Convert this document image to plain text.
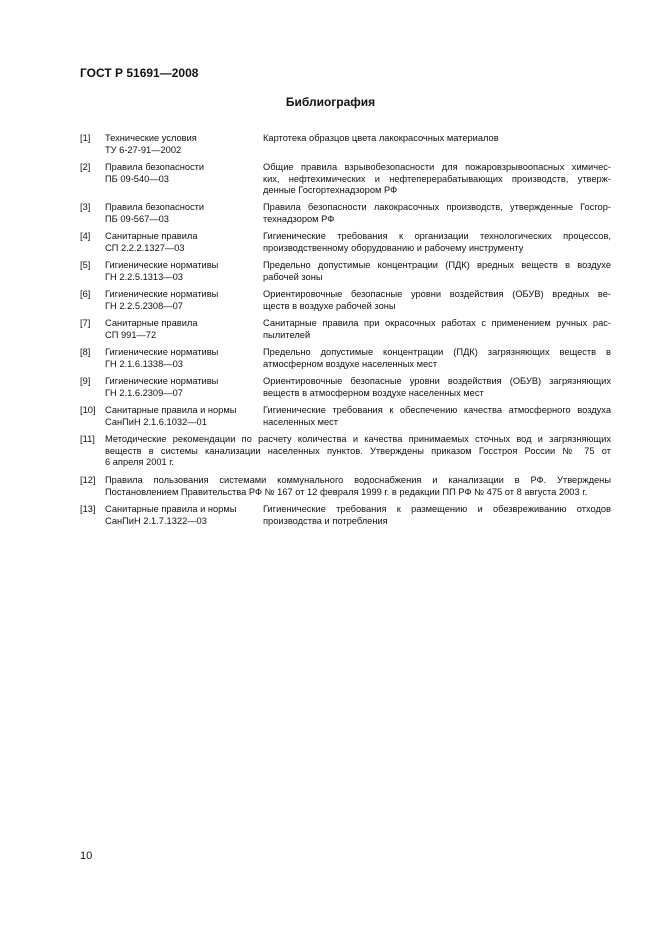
ГОСТ Р 51691—2008
Библиография
[1] Технические условия
ТУ 6-27-91—2002
Картотека образцов цвета лакокрасочных материалов
[2] Правила безопасности
ПБ 09-540—03
Общие правила взрывобезопасности для пожаровзрывоопасных химичес-
ких, нефтехимических и нефтеперерабатывающих производств, утверж-
денные Госгортехнадзором РФ
[3] Правила безопасности
ПБ 09-567—03
Правила безопасности лакокрасочных производств, утвержденные Госгор-
технадзором РФ
[4] Санитарные правила
СП 2.2.2.1327—03
Гигиенические требования к организации технологических процессов,
производственному оборудованию и рабочему инструменту
[5] Гигиенические нормативы
ГН 2.2.5.1313—03
Предельно допустимые концентрации (ПДК) вредных веществ в воздухе
рабочей зоны
[6] Гигиенические нормативы
ГН 2.2.5.2308—07
Ориентировочные безопасные уровни воздействия (ОБУВ) вредных ве-
ществ в воздухе рабочей зоны
[7] Санитарные правила
СП 991—72
Санитарные правила при окрасочных работах с применением ручных рас-
пылителей
[8] Гигиенические нормативы
ГН 2.1.6.1338—03
Предельно допустимые концентрации (ПДК) загрязняющих веществ в
атмосферном воздухе населенных мест
[9] Гигиенические нормативы
ГН 2.1.6.2309—07
Ориентировочные безопасные уровни воздействия (ОБУВ) загрязняющих
веществ в атмосферном воздухе населенных мест
[10] Санитарные правила и нормы
СанПиН 2.1.6.1032—01
Гигиенические требования к обеспечению качества атмосферного воздуха
населенных мест
[11] Методические рекомендации по расчету количества и качества принимаемых сточных вод и загрязняющих
веществ в системы канализации населенных пунктов. Утверждены приказом Госстроя России № 75 от
6 апреля 2001 г.
[12] Правила пользования системами коммунального водоснабжения и канализации в РФ. Утверждены
Постановлением Правительства РФ № 167 от 12 февраля 1999 г. в редакции ПП РФ № 475 от 8 августа 2003 г.
[13] Санитарные правила и нормы
СанПиН 2.1.7.1322—03
Гигиенические требования к размещению и обезвреживанию отходов
производства и потребления
10
